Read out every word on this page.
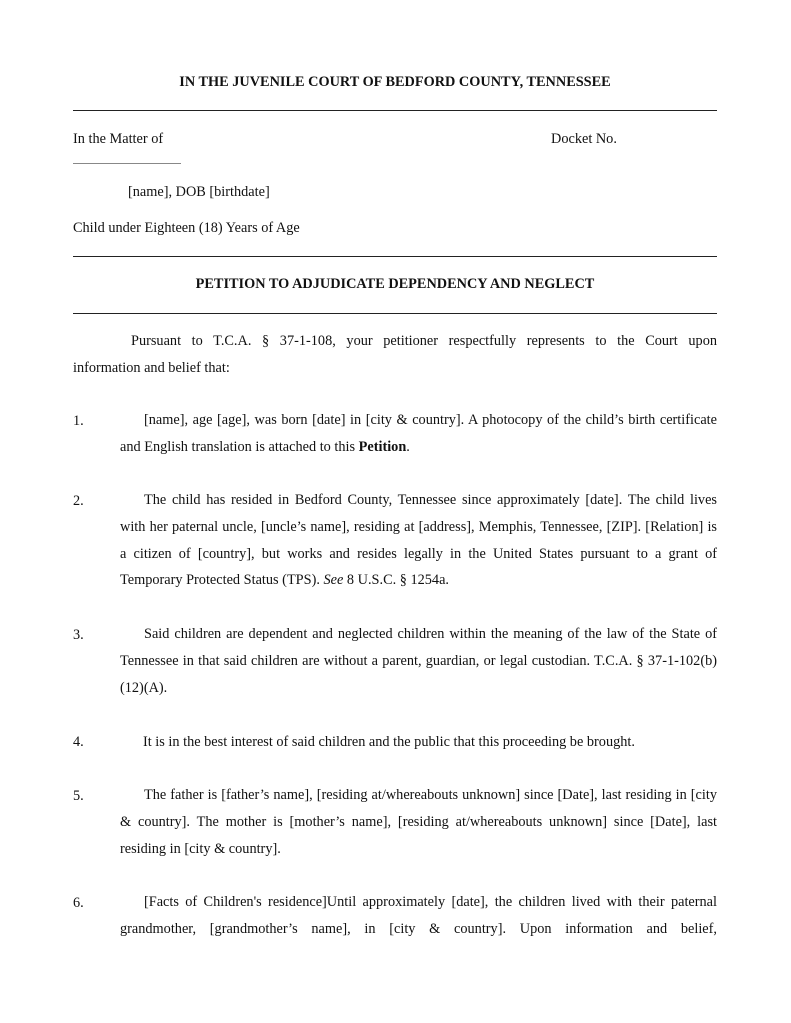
IN THE JUVENILE COURT OF BEDFORD COUNTY, TENNESSEE
In the Matter of	Docket No.
[name], DOB [birthdate]
Child under Eighteen (18) Years of Age
PETITION TO ADJUDICATE DEPENDENCY AND NEGLECT
Pursuant to T.C.A. § 37-1-108, your petitioner respectfully represents to the Court upon
information and belief that:
1.	[name], age [age], was born [date] in [city & country]. A photocopy of the child’s birth certificate and English translation is attached to this Petition.
2.	The child has resided in Bedford County, Tennessee since approximately [date]. The child lives with her paternal uncle, [uncle’s name], residing at [address], Memphis, Tennessee, [ZIP]. [Relation] is a citizen of [country], but works and resides legally in the United States pursuant to a grant of Temporary Protected Status (TPS). See 8 U.S.C. § 1254a.
3.	Said children are dependent and neglected children within the meaning of the law of the State of Tennessee in that said children are without a parent, guardian, or legal custodian. T.C.A. § 37-1-102(b)(12)(A).
4.	It is in the best interest of said children and the public that this proceeding be brought.
5.	The father is [father’s name], [residing at/whereabouts unknown] since [Date], last residing in [city & country]. The mother is [mother’s name], [residing at/whereabouts unknown] since [Date], last residing in [city & country].
6.	[Facts of Children's residence]Until approximately [date], the children lived with their paternal grandmother, [grandmother’s name], in [city & country]. Upon information and belief,
